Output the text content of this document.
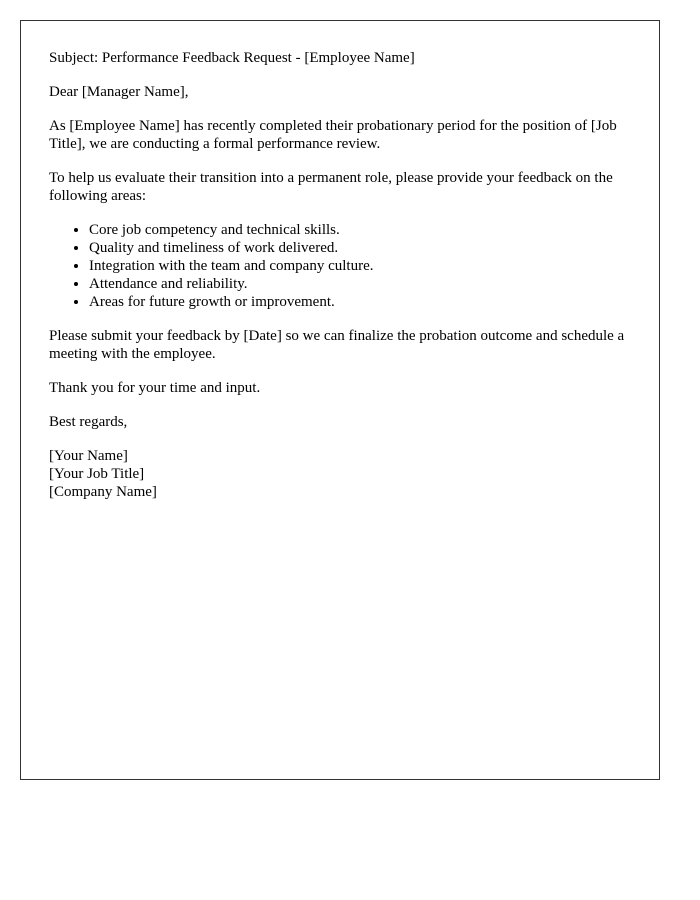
Subject: Performance Feedback Request - [Employee Name]

Dear [Manager Name],

As [Employee Name] has recently completed their probationary period for the position of [Job Title], we are conducting a formal performance review.

To help us evaluate their transition into a permanent role, please provide your feedback on the following areas:

• Core job competency and technical skills.
• Quality and timeliness of work delivered.
• Integration with the team and company culture.
• Attendance and reliability.
• Areas for future growth or improvement.

Please submit your feedback by [Date] so we can finalize the probation outcome and schedule a meeting with the employee.

Thank you for your time and input.

Best regards,

[Your Name]
[Your Job Title]
[Company Name]
